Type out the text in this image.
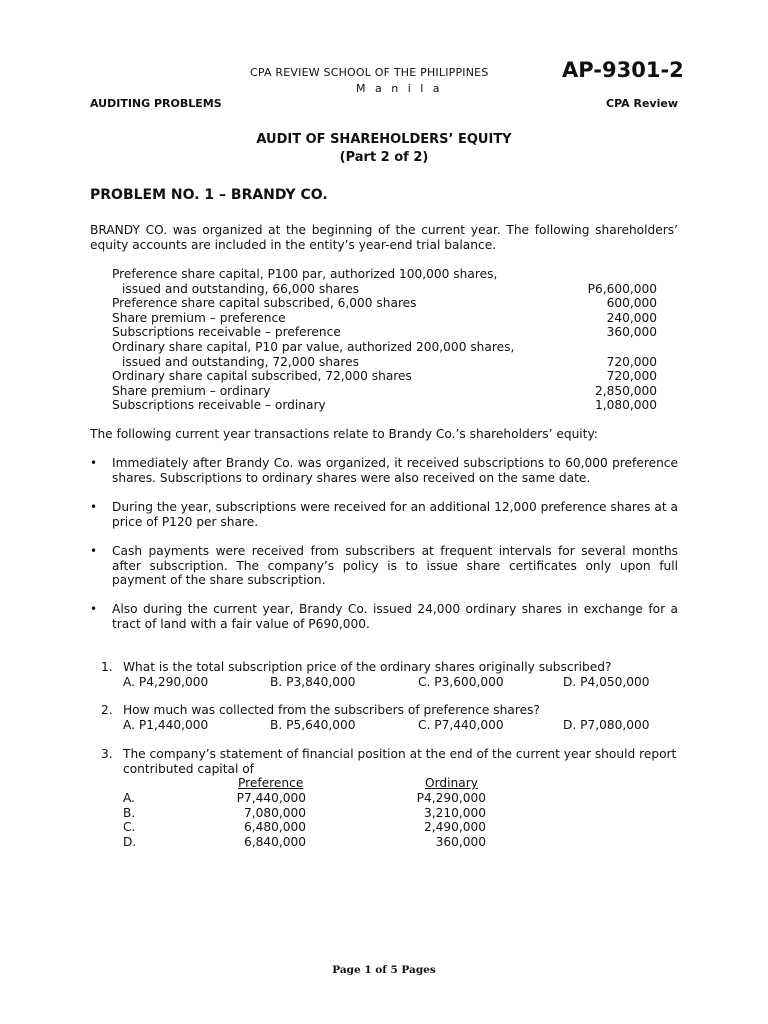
CPA REVIEW SCHOOL OF THE PHILIPPINES
M a n i l a
AP-9301-2
AUDITING PROBLEMS	CPA Review
AUDIT OF SHAREHOLDERS’ EQUITY
(Part 2 of 2)
PROBLEM NO. 1 – BRANDY CO.
BRANDY CO. was organized at the beginning of the current year. The following shareholders’ equity accounts are included in the entity’s year-end trial balance.
Preference share capital, P100 par, authorized 100,000 shares,
issued and outstanding, 66,000 shares	P6,600,000
Preference share capital subscribed, 6,000 shares	600,000
Share premium – preference	240,000
Subscriptions receivable – preference	360,000
Ordinary share capital, P10 par value, authorized 200,000 shares,
issued and outstanding, 72,000 shares	720,000
Ordinary share capital subscribed, 72,000 shares	720,000
Share premium – ordinary	2,850,000
Subscriptions receivable – ordinary	1,080,000
The following current year transactions relate to Brandy Co.’s shareholders’ equity:
• Immediately after Brandy Co. was organized, it received subscriptions to 60,000 preference shares. Subscriptions to ordinary shares were also received on the same date.
• During the year, subscriptions were received for an additional 12,000 preference shares at a price of P120 per share.
• Cash payments were received from subscribers at frequent intervals for several months after subscription. The company’s policy is to issue share certificates only upon full payment of the share subscription.
• Also during the current year, Brandy Co. issued 24,000 ordinary shares in exchange for a tract of land with a fair value of P690,000.
1. What is the total subscription price of the ordinary shares originally subscribed?
A. P4,290,000	B. P3,840,000	C. P3,600,000	D. P4,050,000
2. How much was collected from the subscribers of preference shares?
A. P1,440,000	B. P5,640,000	C. P7,440,000	D. P7,080,000
3. The company’s statement of financial position at the end of the current year should report contributed capital of
Preference	Ordinary
A.	P7,440,000	P4,290,000
B.	7,080,000	3,210,000
C.	6,480,000	2,490,000
D.	6,840,000	360,000
Page 1 of 5 Pages
